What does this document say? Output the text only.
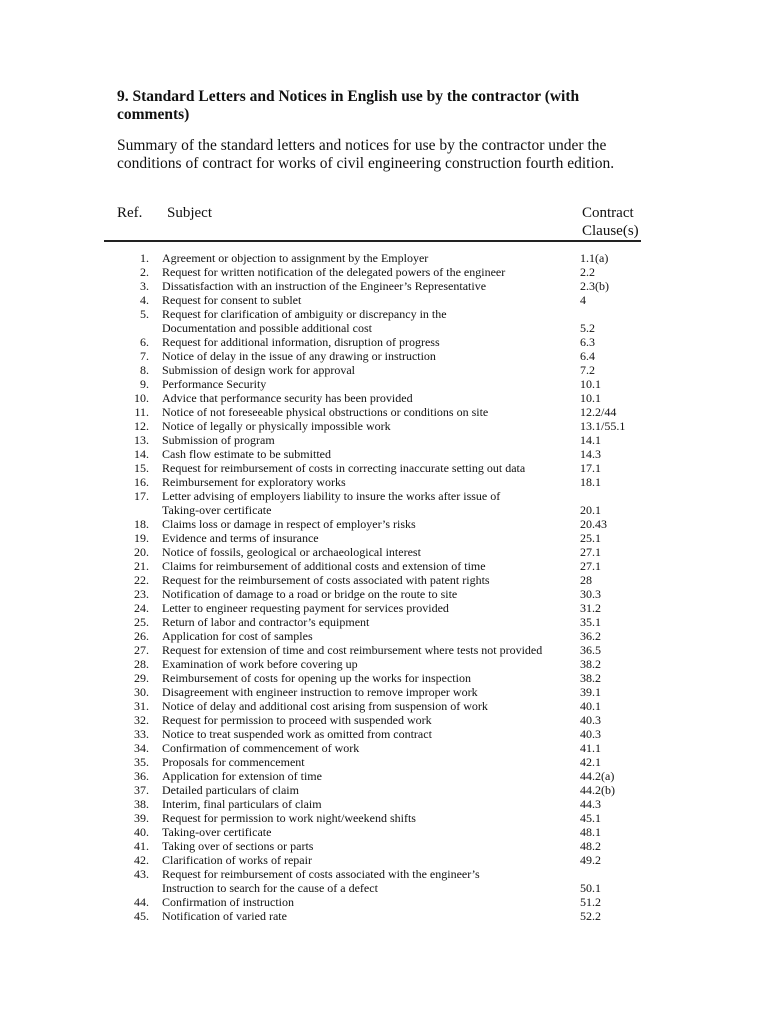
9. Standard Letters and Notices in English use by the contractor (with comments)
Summary of the standard letters and notices for use by the contractor under the conditions of contract for works of civil engineering construction fourth edition.
Ref. Subject	Contract
Clause(s)
1. Agreement or objection to assignment by the Employer	1.1(a)
2. Request for written notification of the delegated powers of the engineer	2.2
3. Dissatisfaction with an instruction of the Engineer’s Representative	2.3(b)
4. Request for consent to sublet	4
5. Request for clarification of ambiguity or discrepancy in the
Documentation and possible additional cost	5.2
6. Request for additional information, disruption of progress	6.3
7. Notice of delay in the issue of any drawing or instruction	6.4
8. Submission of design work for approval	7.2
9. Performance Security	10.1
10. Advice that performance security has been provided	10.1
11. Notice of not foreseeable physical obstructions or conditions on site	12.2/44
12. Notice of legally or physically impossible work	13.1/55.1
13. Submission of program	14.1
14. Cash flow estimate to be submitted	14.3
15. Request for reimbursement of costs in correcting inaccurate setting out data	17.1
16. Reimbursement for exploratory works	18.1
17. Letter advising of employers liability to insure the works after issue of
Taking-over certificate	20.1
18. Claims loss or damage in respect of employer’s risks	20.43
19. Evidence and terms of insurance	25.1
20. Notice of fossils, geological or archaeological interest	27.1
21. Claims for reimbursement of additional costs and extension of time	27.1
22. Request for the reimbursement of costs associated with patent rights	28
23. Notification of damage to a road or bridge on the route to site	30.3
24. Letter to engineer requesting payment for services provided	31.2
25. Return of labor and contractor’s equipment	35.1
26. Application for cost of samples	36.2
27. Request for extension of time and cost reimbursement where tests not provided	36.5
28. Examination of work before covering up	38.2
29. Reimbursement of costs for opening up the works for inspection	38.2
30. Disagreement with engineer instruction to remove improper work	39.1
31. Notice of delay and additional cost arising from suspension of work	40.1
32. Request for permission to proceed with suspended work	40.3
33. Notice to treat suspended work as omitted from contract	40.3
34. Confirmation of commencement of work	41.1
35. Proposals for commencement	42.1
36. Application for extension of time	44.2(a)
37. Detailed particulars of claim	44.2(b)
38. Interim, final particulars of claim	44.3
39. Request for permission to work night/weekend shifts	45.1
40. Taking-over certificate	48.1
41. Taking over of sections or parts	48.2
42. Clarification of works of repair	49.2
43. Request for reimbursement of costs associated with the engineer’s
Instruction to search for the cause of a defect	50.1
44. Confirmation of instruction	51.2
45. Notification of varied rate	52.2
